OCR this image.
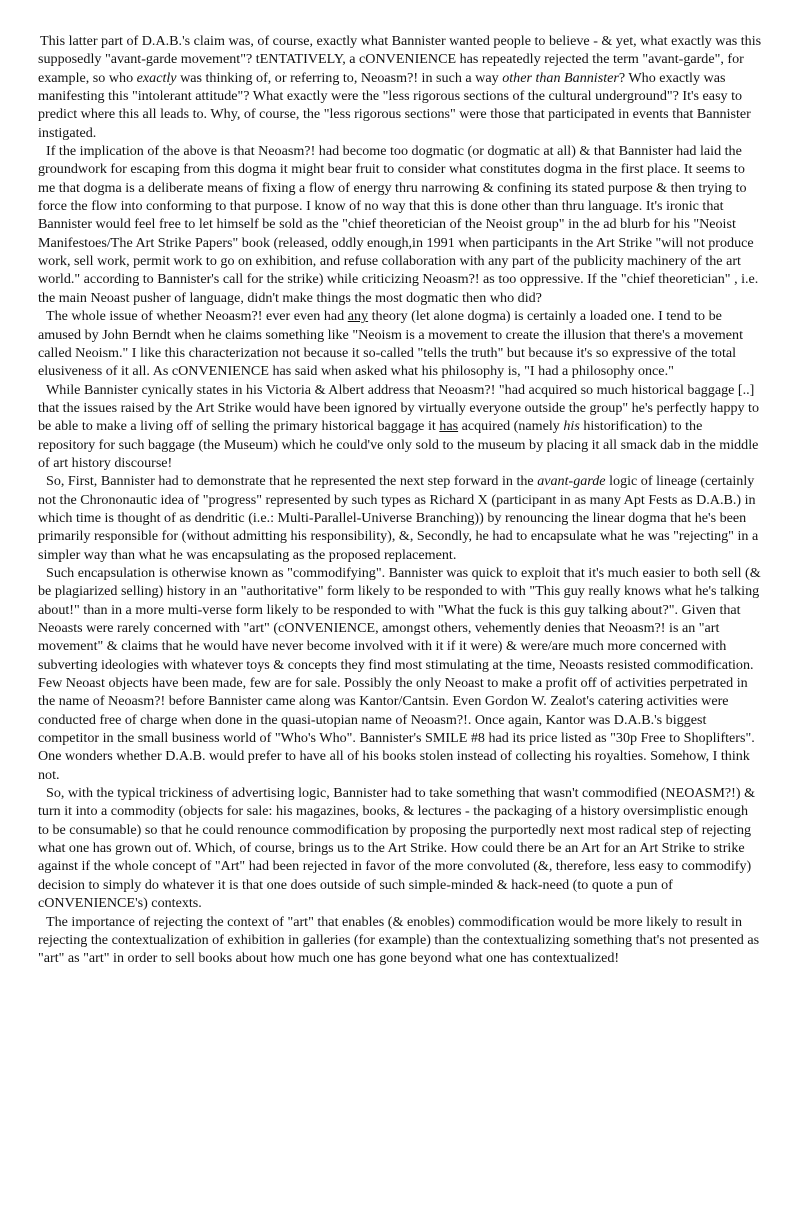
This latter part of D.A.B.'s claim was, of course, exactly what Bannister wanted people to believe - & yet, what exactly was this supposedly "avant-garde movement"? tENTATIVELY, a cONVENIENCE has repeatedly rejected the term "avant-garde", for example, so who exactly was thinking of, or referring to, Neoasm?! in such a way other than Bannister? Who exactly was manifesting this "intolerant attitude"? What exactly were the "less rigorous sections of the cultural underground"? It's easy to predict where this all leads to. Why, of course, the "less rigorous sections" were those that participated in events that Bannister instigated.

If the implication of the above is that Neoasm?! had become too dogmatic (or dogmatic at all) & that Bannister had laid the groundwork for escaping from this dogma it might bear fruit to consider what constitutes dogma in the first place. It seems to me that dogma is a deliberate means of fixing a flow of energy thru narrowing & confining its stated purpose & then trying to force the flow into conforming to that purpose. I know of no way that this is done other than thru language. It's ironic that Bannister would feel free to let himself be sold as the "chief theoretician of the Neoist group" in the ad blurb for his "Neoist Manifestoes/The Art Strike Papers" book (released, oddly enough,in 1991 when participants in the Art Strike "will not produce work, sell work, permit work to go on exhibition, and refuse collaboration with any part of the publicity machinery of the art world." according to Bannister's call for the strike) while criticizing Neoasm?! as too oppressive. If the "chief theoretician" , i.e. the main Neoast pusher of language, didn't make things the most dogmatic then who did?

The whole issue of whether Neoasm?! ever even had any theory (let alone dogma) is certainly a loaded one. I tend to be amused by John Berndt when he claims something like "Neoism is a movement to create the illusion that there's a movement called Neoism." I like this characterization not because it so-called "tells the truth" but because it's so expressive of the total elusiveness of it all. As cONVENIENCE has said when asked what his philosophy is, "I had a philosophy once."

While Bannister cynically states in his Victoria & Albert address that Neoasm?! "had acquired so much historical baggage [..] that the issues raised by the Art Strike would have been ignored by virtually everyone outside the group" he's perfectly happy to be able to make a living off of selling the primary historical baggage it has acquired (namely his historification) to the repository for such baggage (the Museum) which he could've only sold to the museum by placing it all smack dab in the middle of art history discourse!

So, First, Bannister had to demonstrate that he represented the next step forward in the avant-garde logic of lineage (certainly not the Chrononautic idea of "progress" represented by such types as Richard X (participant in as many Apt Fests as D.A.B.) in which time is thought of as dendritic (i.e.: Multi-Parallel-Universe Branching)) by renouncing the linear dogma that he's been primarily responsible for (without admitting his responsibility), &, Secondly, he had to encapsulate what he was "rejecting" in a simpler way than what he was encapsulating as the proposed replacement.

Such encapsulation is otherwise known as "commodifying". Bannister was quick to exploit that it's much easier to both sell (& be plagiarized selling) history in an "authoritative" form likely to be responded to with "This guy really knows what he's talking about!" than in a more multi-verse form likely to be responded to with "What the fuck is this guy talking about?". Given that Neoasts were rarely concerned with "art" (cONVENIENCE, amongst others, vehemently denies that Neoasm?! is an "art movement" & claims that he would have never become involved with it if it were) & were/are much more concerned with subverting ideologies with whatever toys & concepts they find most stimulating at the time, Neoasts resisted commodification. Few Neoast objects have been made, few are for sale. Possibly the only Neoast to make a profit off of activities perpetrated in the name of Neoasm?! before Bannister came along was Kantor/Cantsin. Even Gordon W. Zealot's catering activities were conducted free of charge when done in the quasi-utopian name of Neoasm?!. Once again, Kantor was D.A.B.'s biggest competitor in the small business world of "Who's Who". Bannister's SMILE #8 had its price listed as "30p Free to Shoplifters". One wonders whether D.A.B. would prefer to have all of his books stolen instead of collecting his royalties. Somehow, I think not.

So, with the typical trickiness of advertising logic, Bannister had to take something that wasn't commodified (NEOASM?!) & turn it into a commodity (objects for sale: his magazines, books, & lectures - the packaging of a history oversimplistic enough to be consumable) so that he could renounce commodification by proposing the purportedly next most radical step of rejecting what one has grown out of. Which, of course, brings us to the Art Strike. How could there be an Art for an Art Strike to strike against if the whole concept of "Art" had been rejected in favor of the more convoluted (&, therefore, less easy to commodify) decision to simply do whatever it is that one does outside of such simple-minded & hack-need (to quote a pun of cONVENIENCE's) contexts.

The importance of rejecting the context of "art" that enables (& enobles) commodification would be more likely to result in rejecting the contextualization of exhibition in galleries (for example) than the contextualizing something that's not presented as "art" as "art" in order to sell books about how much one has gone beyond what one has contextualized!
